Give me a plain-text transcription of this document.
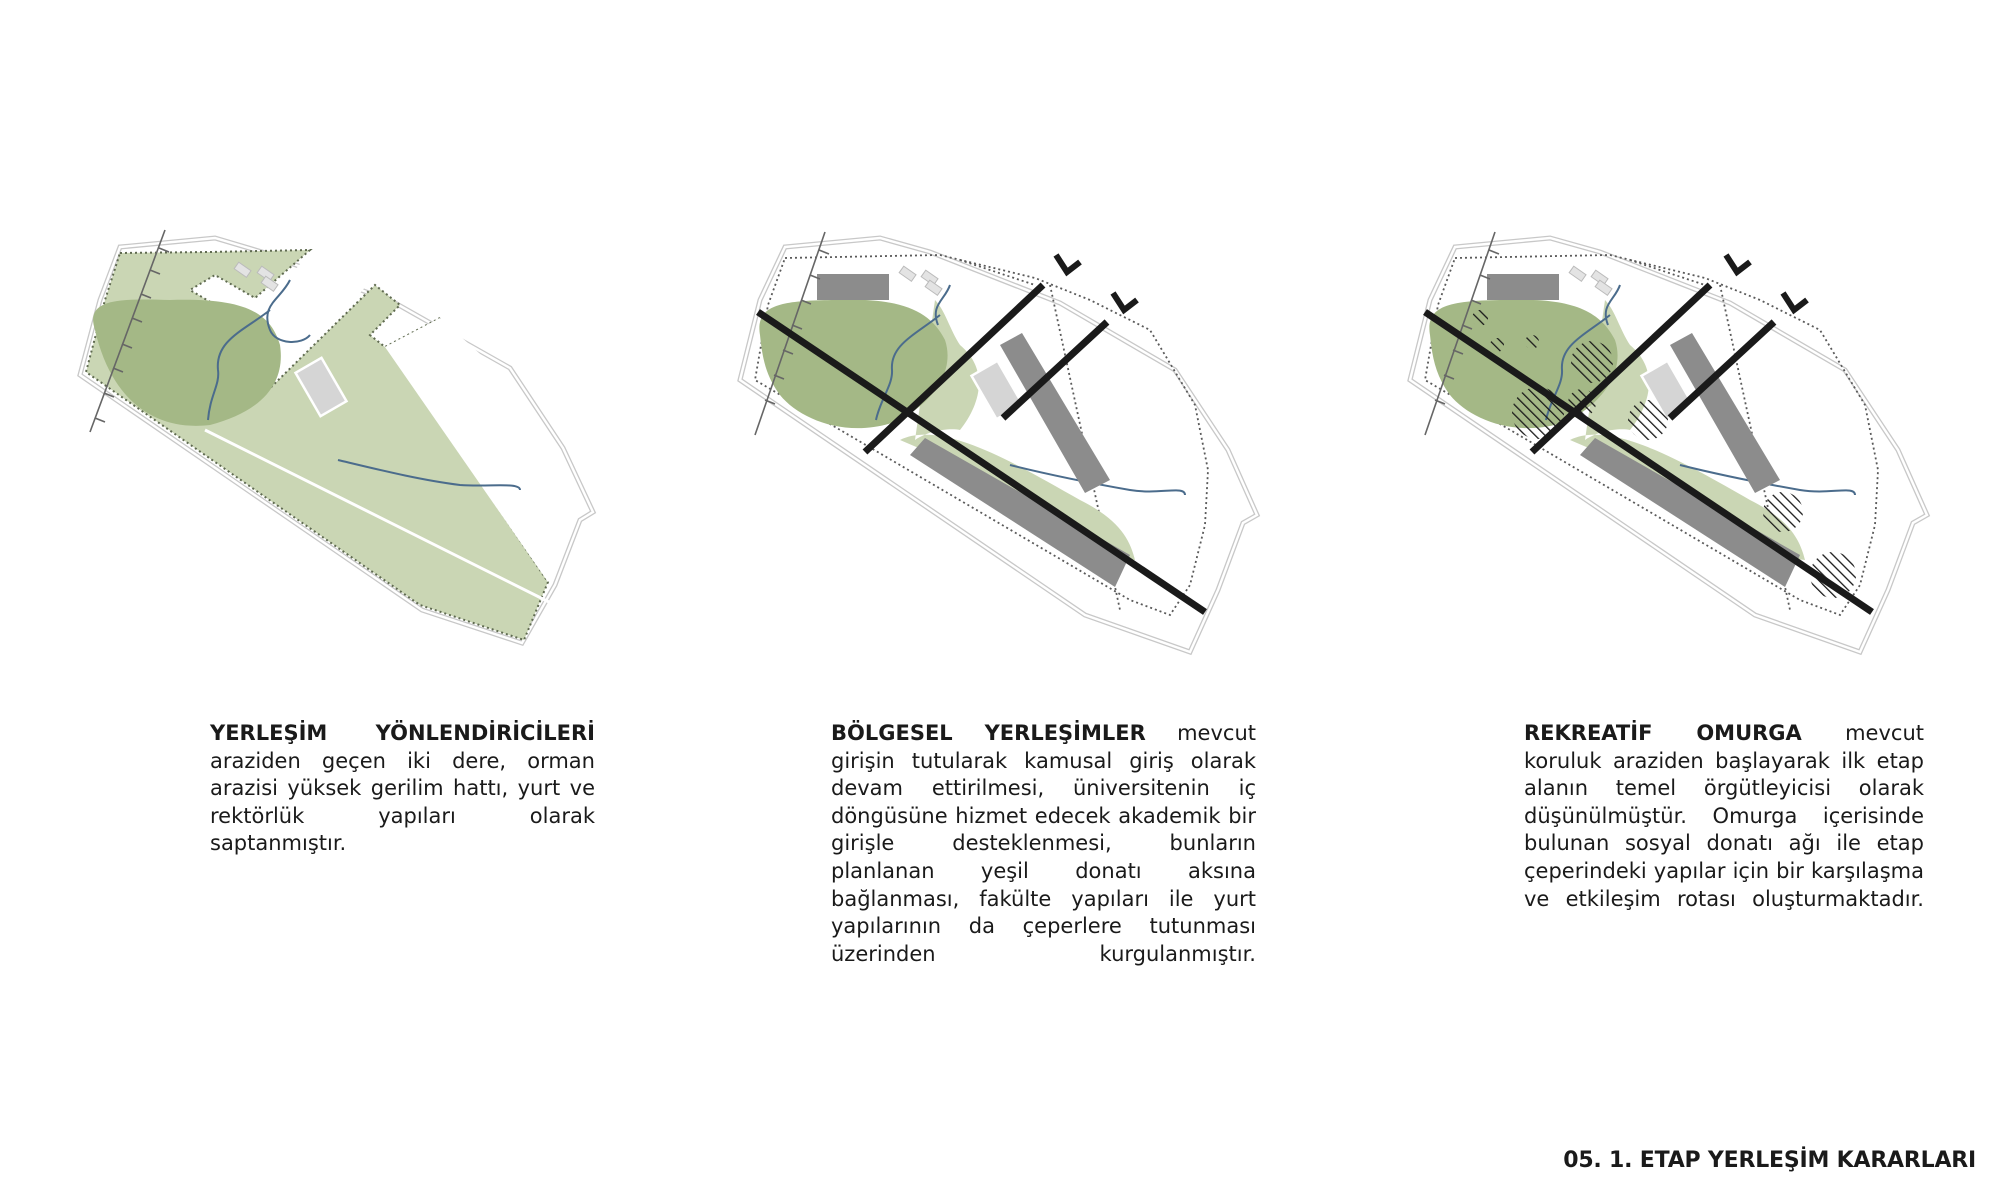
YERLEŞİM YÖNLENDİRİCİLERİ araziden geçen iki dere, orman arazisi yüksek gerilim hattı, yurt ve rektörlük yapıları olarak saptanmıştır.

BÖLGESEL YERLEŞİMLER mevcut girişin tutularak kamusal giriş olarak devam ettirilmesi, üniversitenin iç döngüsüne hizmet edecek akademik bir girişle desteklenmesi, bunların planlanan yeşil donatı aksına bağlanması, fakülte yapıları ile yurt yapılarının da çeperlere tutunması üzerinden kurgulanmıştır.

REKREATİF OMURGA mevcut koruluk araziden başlayarak ilk etap alanın temel örgütleyicisi olarak düşünülmüştür. Omurga içerisinde bulunan sosyal donatı ağı ile etap çeperindeki yapılar için bir karşılaşma ve etkileşim rotası oluşturmaktadır.

05. 1. ETAP YERLEŞİM KARARLARI
